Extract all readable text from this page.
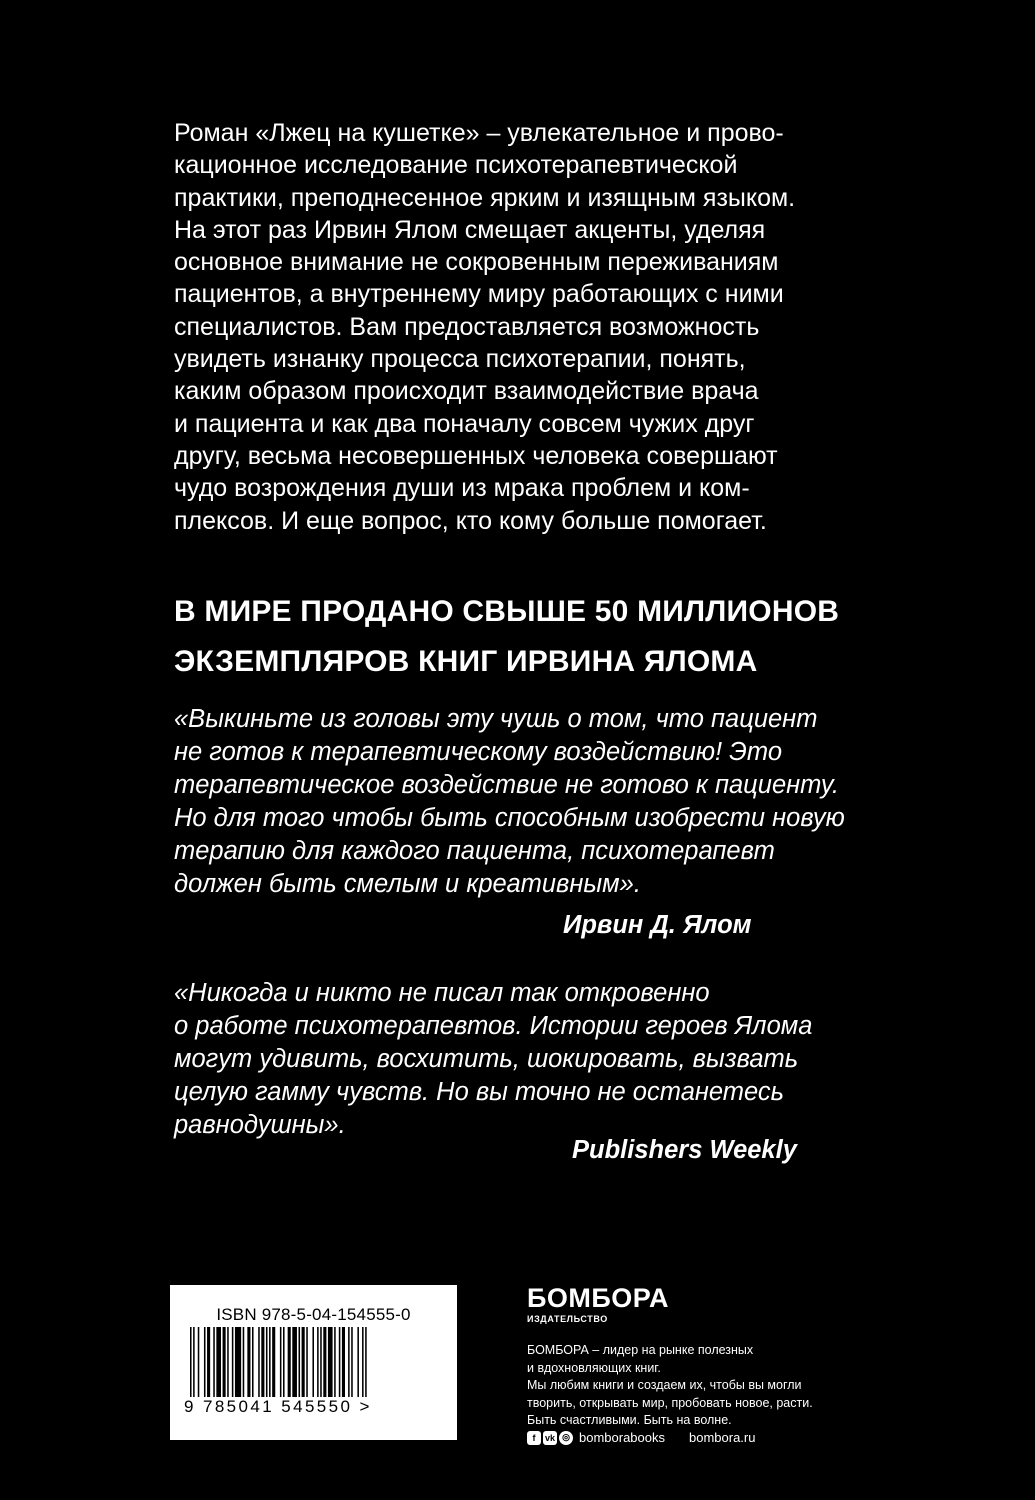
Роман «Лжец на кушетке» – увлекательное и прово-
кационное исследование психотерапевтической
практики, преподнесенное ярким и изящным языком.
На этот раз Ирвин Ялом смещает акценты, уделяя
основное внимание не сокровенным переживаниям
пациентов, а внутреннему миру работающих с ними
специалистов. Вам предоставляется возможность
увидеть изнанку процесса психотерапии, понять,
каким образом происходит взаимодействие врача
и пациента и как два поначалу совсем чужих друг
другу, весьма несовершенных человека совершают
чудо возрождения души из мрака проблем и ком-
плексов. И еще вопрос, кто кому больше помогает.
В МИРЕ ПРОДАНО СВЫШЕ 50 МИЛЛИОНОВ
ЭКЗЕМПЛЯРОВ КНИГ ИРВИНА ЯЛОМА
«Выкиньте из головы эту чушь о том, что пациент
не готов к терапевтическому воздействию! Это
терапевтическое воздействие не готово к пациенту.
Но для того чтобы быть способным изобрести новую
терапию для каждого пациента, психотерапевт
должен быть смелым и креативным».
Ирвин Д. Ялом
«Никогда и никто не писал так откровенно
о работе психотерапевтов. Истории героев Ялома
могут удивить, восхитить, шокировать, вызвать
целую гамму чувств. Но вы точно не останетесь
равнодушны».
Publishers Weekly
ISBN 978-5-04-154555-0
9 785041 545550 >
БОМБОРА
ИЗДАТЕЛЬСТВО
БОМБОРА – лидер на рынке полезных
и вдохновляющих книг.
Мы любим книги и создаем их, чтобы вы могли
творить, открывать мир, пробовать новое, расти.
Быть счастливыми. Быть на волне.
f	vk ◎ bomborabooks bombora.ru
